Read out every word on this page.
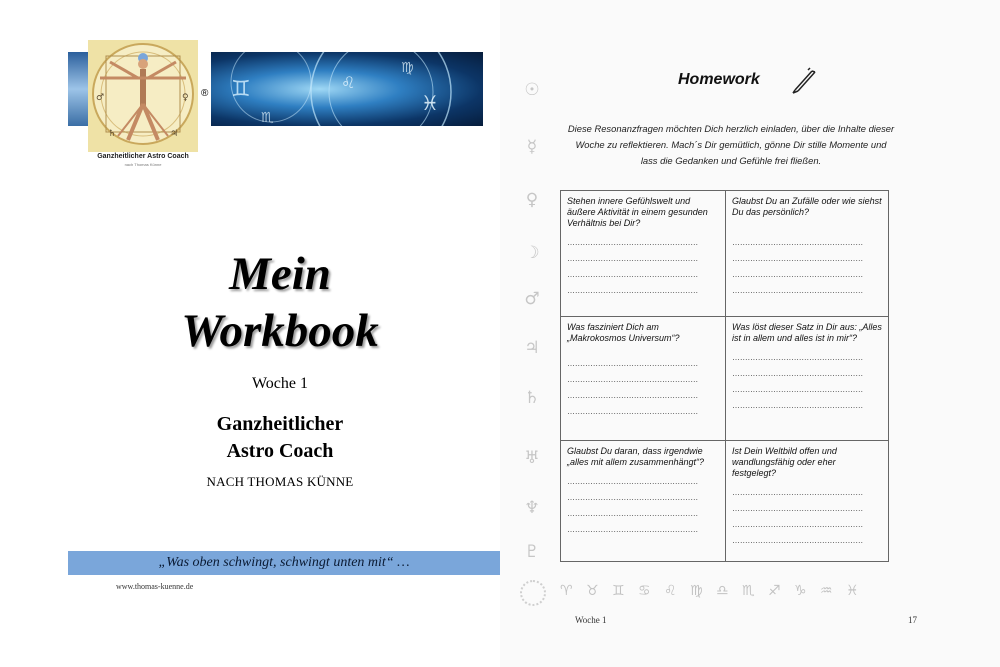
♂	♀
♄	♃
® ♊	♌
♓
♍
♏
Ganzheitlicher Astro Coach
nach Thomas Künne
Mein
Workbook
Woche 1
Ganzheitlicher
Astro Coach
NACH THOMAS KÜNNE
„Was oben schwingt, schwingt unten mit“ …
www.thomas-kuenne.de
☉
☿
♀
☽
♂
♃
♄
♅
♆
♇
Homework
Diese Resonanzfragen möchten Dich herzlich einladen, über die Inhalte dieser Woche zu reflektieren. Mach´s Dir gemütlich, gönne Dir stille Momente und lass die Gedanken und Gefühle frei fließen.
Stehen innere Gefühlswelt und äußere Aktivität in einem gesunden Verhältnis bei Dir?
……………………………………………
……………………………………………
……………………………………………
……………………………………………
Glaubst Du an Zufälle oder wie siehst Du das persönlich?
……………………………………………
……………………………………………
……………………………………………
……………………………………………
Was fasziniert Dich am „Makrokosmos Universum“?
……………………………………………
……………………………………………
……………………………………………
……………………………………………
Was löst dieser Satz in Dir aus: „Alles ist in allem und alles ist in mir“?
……………………………………………
……………………………………………
……………………………………………
……………………………………………
Glaubst Du daran, dass irgendwie „alles mit allem zusammenhängt“?
……………………………………………
……………………………………………
……………………………………………
……………………………………………
Ist Dein Weltbild offen und wandlungsfähig oder eher festgelegt?
……………………………………………
……………………………………………
……………………………………………
……………………………………………
♈ ♉ ♊ ♋ ♌ ♍ ♎ ♏ ♐ ♑ ♒ ♓
Woche 1	17
